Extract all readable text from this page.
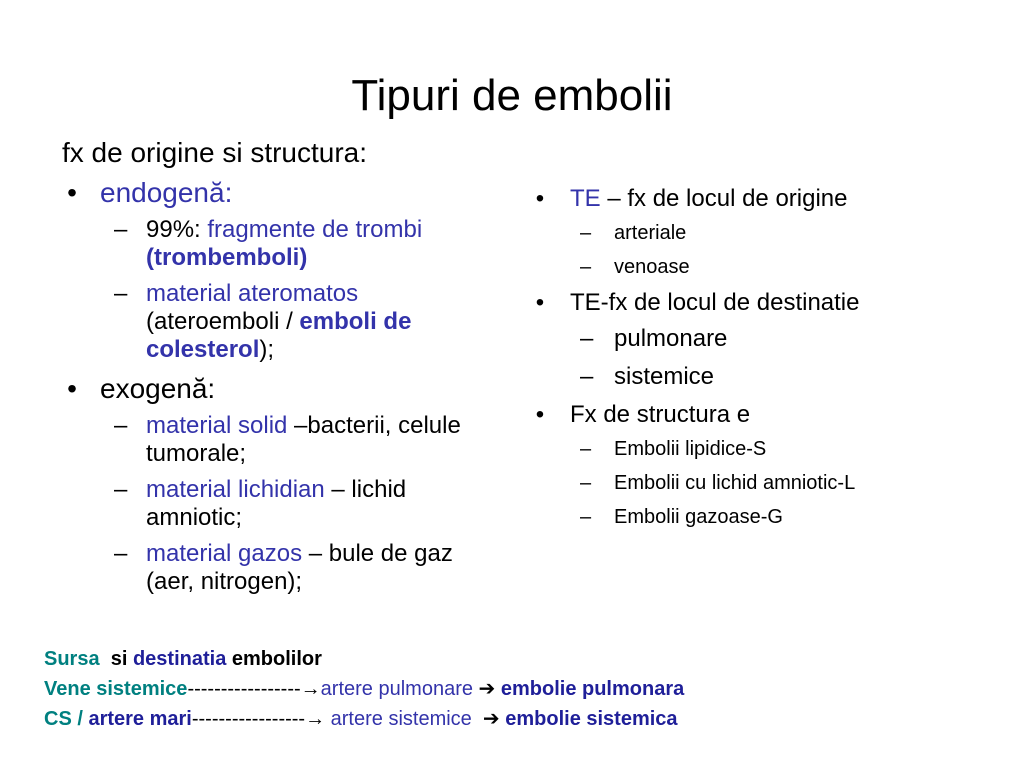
Tipuri de embolii
fx de origine si structura:
• endogenă:
– 99%: fragmente de trombi (trombemboli)
– material ateromatos (ateroemboli / emboli de colesterol);
• exogenă:
– material solid –bacterii, celule tumorale;
– material lichidian – lichid amniotic;
– material gazos – bule de gaz (aer, nitrogen);
• TE – fx de locul de origine
– arteriale
– venoase
• TE-fx de locul de destinatie
– pulmonare
– sistemice
• Fx de structura e
– Embolii lipidice-S
– Embolii cu lichid amniotic-L
– Embolii gazoase-G
Sursa  si destinatia embolilor
Vene sistemice-----------------→artere pulmonare ➔ embolie pulmonara
CS / artere mari-----------------→ artere sistemice  ➔ embolie sistemica
